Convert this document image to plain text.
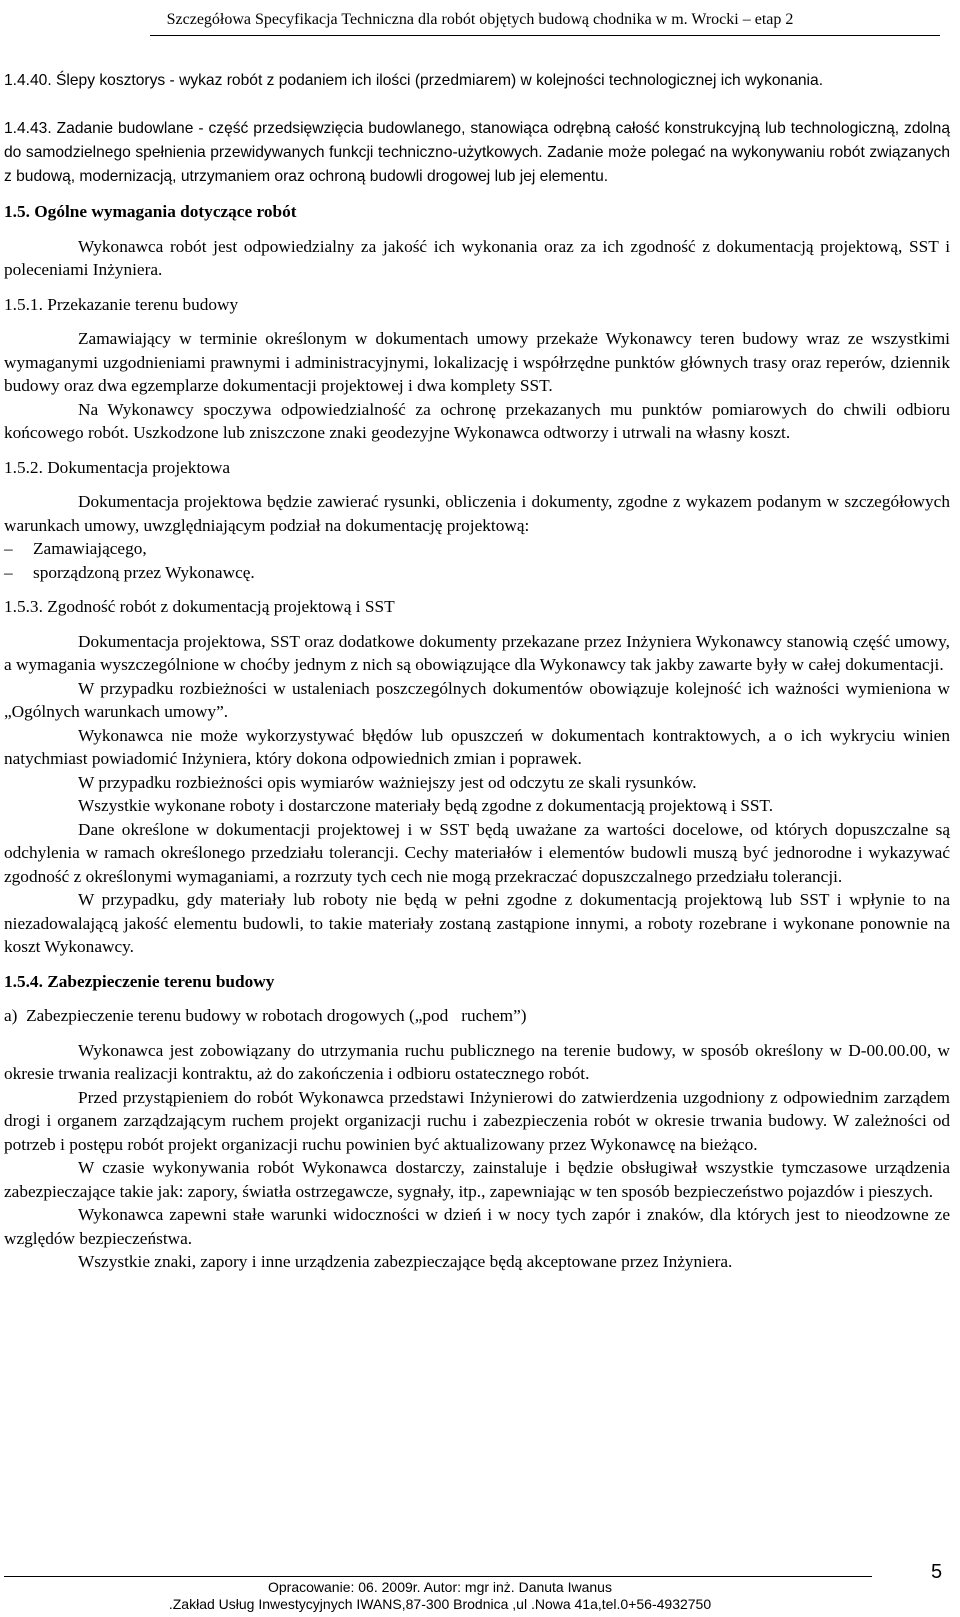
Szczegółowa Specyfikacja Techniczna dla robót objętych budową chodnika w m. Wrocki – etap 2

1.4.40. Ślepy kosztorys - wykaz robót z podaniem ich ilości (przedmiarem) w kolejności technologicznej ich wykonania.

1.4.43. Zadanie budowlane - część przedsięwzięcia budowlanego, stanowiąca odrębną całość konstrukcyjną lub technologiczną, zdolną do samodzielnego spełnienia przewidywanych funkcji techniczno-użytkowych. Zadanie może polegać na wykonywaniu robót związanych z budową, modernizacją, utrzymaniem oraz ochroną budowli drogowej lub jej elementu.

1.5. Ogólne wymagania dotyczące robót

Wykonawca robót jest odpowiedzialny za jakość ich wykonania oraz za ich zgodność z dokumentacją projektową, SST i poleceniami Inżyniera.

1.5.1. Przekazanie terenu budowy

Zamawiający w terminie określonym w dokumentach umowy przekaże Wykonawcy teren budowy wraz ze wszystkimi wymaganymi uzgodnieniami prawnymi i administracyjnymi, lokalizację i współrzędne punktów głównych trasy oraz reperów, dziennik budowy oraz dwa egzemplarze dokumentacji projektowej i dwa komplety SST.

Na Wykonawcy spoczywa odpowiedzialność za ochronę przekazanych mu punktów pomiarowych do chwili odbioru końcowego robót. Uszkodzone lub zniszczone znaki geodezyjne Wykonawca odtworzy i utrwali na własny koszt.

1.5.2. Dokumentacja projektowa

Dokumentacja projektowa będzie zawierać rysunki, obliczenia i dokumenty, zgodne z wykazem podanym w szczegółowych warunkach umowy, uwzględniającym podział na dokumentację projektową:

– Zamawiającego,
– sporządzoną przez Wykonawcę.

1.5.3. Zgodność robót z dokumentacją projektową i SST

Dokumentacja projektowa, SST oraz dodatkowe dokumenty przekazane przez Inżyniera Wykonawcy stanowią część umowy, a wymagania wyszczególnione w choćby jednym z nich są obowiązujące dla Wykonawcy tak jakby zawarte były w całej dokumentacji.

W przypadku rozbieżności w ustaleniach poszczególnych dokumentów obowiązuje kolejność ich ważności wymieniona w „Ogólnych warunkach umowy”.

Wykonawca nie może wykorzystywać błędów lub opuszczeń w dokumentach kontraktowych, a o ich wykryciu winien natychmiast powiadomić Inżyniera, który dokona odpowiednich zmian i poprawek.

W przypadku rozbieżności opis wymiarów ważniejszy jest od odczytu ze skali rysunków.

Wszystkie wykonane roboty i dostarczone materiały będą zgodne z dokumentacją projektową i SST.

Dane określone w dokumentacji projektowej i w SST będą uważane za wartości docelowe, od których dopuszczalne są odchylenia w ramach określonego przedziału tolerancji. Cechy materiałów i elementów budowli muszą być jednorodne i wykazywać zgodność z określonymi wymaganiami, a rozrzuty tych cech nie mogą przekraczać dopuszczalnego przedziału tolerancji.

W przypadku, gdy materiały lub roboty nie będą w pełni zgodne z dokumentacją projektową lub SST i wpłynie to na niezadowalającą jakość elementu budowli, to takie materiały zostaną zastąpione innymi, a roboty rozebrane i wykonane ponownie na koszt Wykonawcy.

1.5.4. Zabezpieczenie terenu budowy

a)  Zabezpieczenie terenu budowy w robotach drogowych („pod   ruchem”)

Wykonawca jest zobowiązany do utrzymania ruchu publicznego na terenie budowy, w sposób określony w D-00.00.00, w okresie trwania realizacji kontraktu, aż do zakończenia i odbioru ostatecznego robót.

Przed przystąpieniem do robót Wykonawca przedstawi Inżynierowi do zatwierdzenia uzgodniony z odpowiednim zarządem drogi i organem zarządzającym ruchem projekt organizacji ruchu i zabezpieczenia robót w okresie trwania budowy. W zależności od potrzeb i postępu robót projekt organizacji ruchu powinien być aktualizowany przez Wykonawcę na bieżąco.

W czasie wykonywania robót Wykonawca dostarczy, zainstaluje i będzie obsługiwał wszystkie tymczasowe urządzenia zabezpieczające takie jak: zapory, światła ostrzegawcze, sygnały, itp., zapewniając w ten sposób bezpieczeństwo pojazdów i pieszych.

Wykonawca zapewni stałe warunki widoczności w dzień i w nocy tych zapór i znaków, dla których jest to nieodzowne ze względów bezpieczeństwa.

Wszystkie znaki, zapory i inne urządzenia zabezpieczające będą akceptowane przez Inżyniera.

Opracowanie: 06. 2009r. Autor: mgr inż. Danuta Iwanus
.Zakład Usług Inwestycyjnych IWANS,87-300 Brodnica ,ul .Nowa 41a,tel.0+56-4932750
5
